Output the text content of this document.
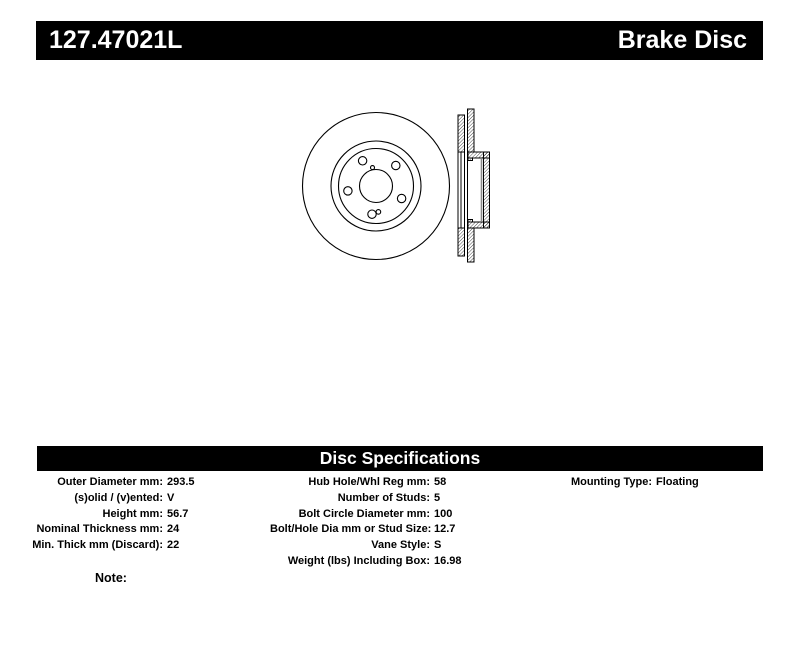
127.47021L	Brake Disc
Disc Specifications
Outer Diameter mm: 293.5
(s)olid / (v)ented: V
Height mm: 56.7
Nominal Thickness mm: 24
Min. Thick mm (Discard): 22
Hub Hole/Whl Reg mm: 58
Number of Studs: 5
Bolt Circle Diameter mm: 100
Bolt/Hole Dia mm or Stud Size: 12.7
Vane Style: S
Weight (lbs) Including Box: 16.98
Mounting Type: Floating
Note:
